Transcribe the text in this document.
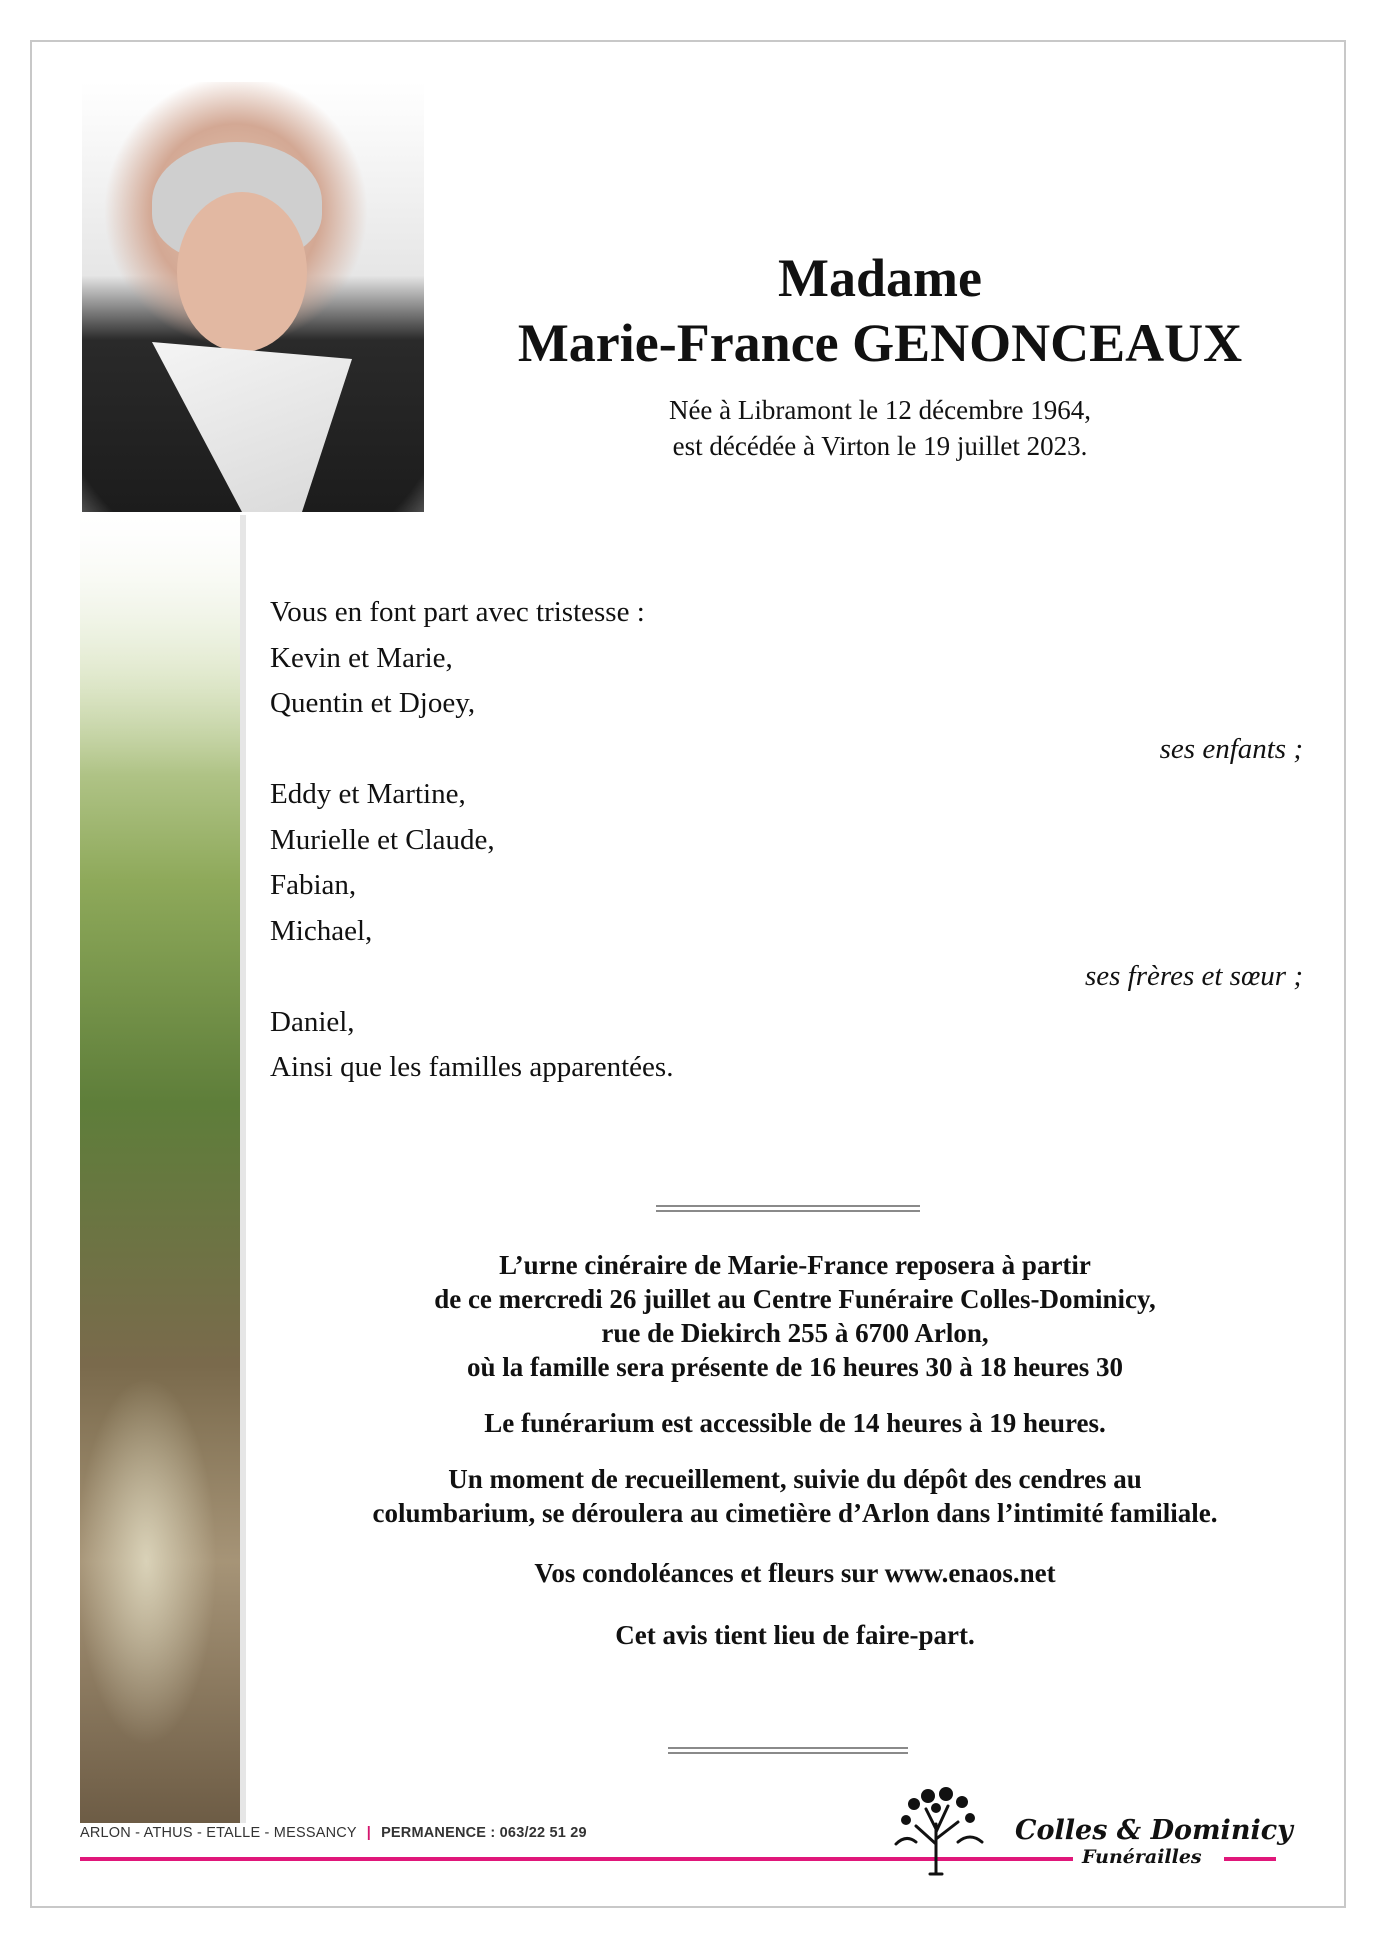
Madame
Marie-France GENONCEAUX
Née à Libramont le 12 décembre 1964,
est décédée à Virton le 19 juillet 2023.
Vous en font part avec tristesse :
Kevin et Marie,
Quentin et Djoey,
ses enfants ;
Eddy et Martine,
Murielle et Claude,
Fabian,
Michael,
ses frères et sœur ;
Daniel,
Ainsi que les familles apparentées.

L’urne cinéraire de Marie-France reposera à partir
de ce mercredi 26 juillet au Centre Funéraire Colles-Dominicy,
rue de Diekirch 255 à 6700 Arlon,
où la famille sera présente de 16 heures 30 à 18 heures 30

Le funérarium est accessible de 14 heures à 19 heures.

Un moment de recueillement, suivie du dépôt des cendres au
columbarium, se déroulera au cimetière d’Arlon dans l’intimité familiale.

Vos condoléances et fleurs sur www.enaos.net

Cet avis tient lieu de faire-part.

ARLON - ATHUS - ETALLE - MESSANCY | PERMANENCE : 063/22 51 29	Colles & Dominicy
Funérailles
